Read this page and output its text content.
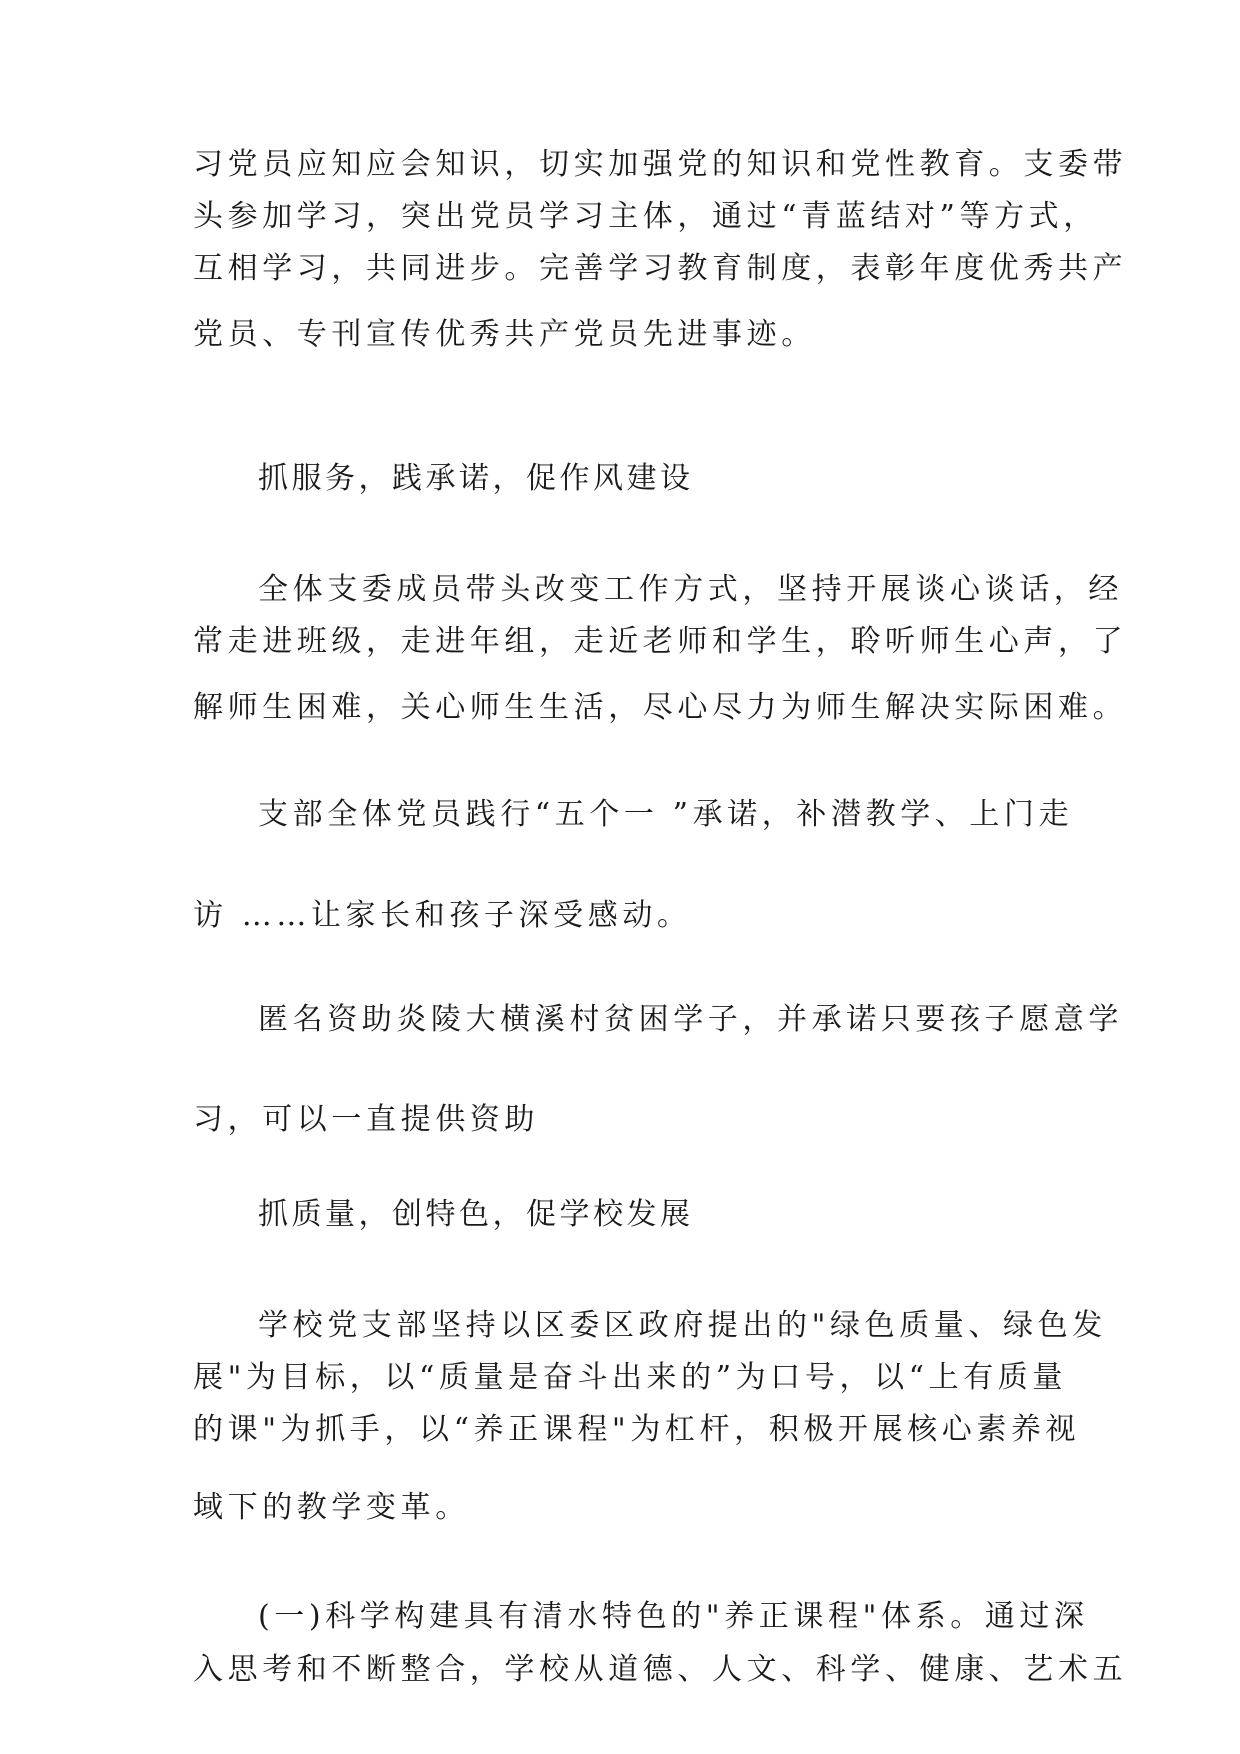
习党员应知应会知识，切实加强党的知识和党性教育。支委带

头参加学习，突出党员学习主体，通过“青蓝结对”等方式，

互相学习，共同进步。完善学习教育制度，表彰年度优秀共产

党员、专刊宣传优秀共产党员先进事迹。

抓服务，践承诺，促作风建设

全体支委成员带头改变工作方式，坚持开展谈心谈话，经

常走进班级，走进年组，走近老师和学生，聆听师生心声，了

解师生困难，关心师生生活，尽心尽力为师生解决实际困难。

支部全体党员践行“五个一 ”承诺，补潜教学、上门走

访 ……让家长和孩子深受感动。

匿名资助炎陵大横溪村贫困学子，并承诺只要孩子愿意学

习，可以一直提供资助

抓质量，创特色，促学校发展

学校党支部坚持以区委区政府提出的"绿色质量、绿色发

展"为目标，以“质量是奋斗出来的”为口号，以“上有质量

的课"为抓手，以“养正课程"为杠杆，积极开展核心素养视

域下的教学变革。

(一)科学构建具有清水特色的"养正课程"体系。通过深

入思考和不断整合，学校从道德、人文、科学、健康、艺术五
